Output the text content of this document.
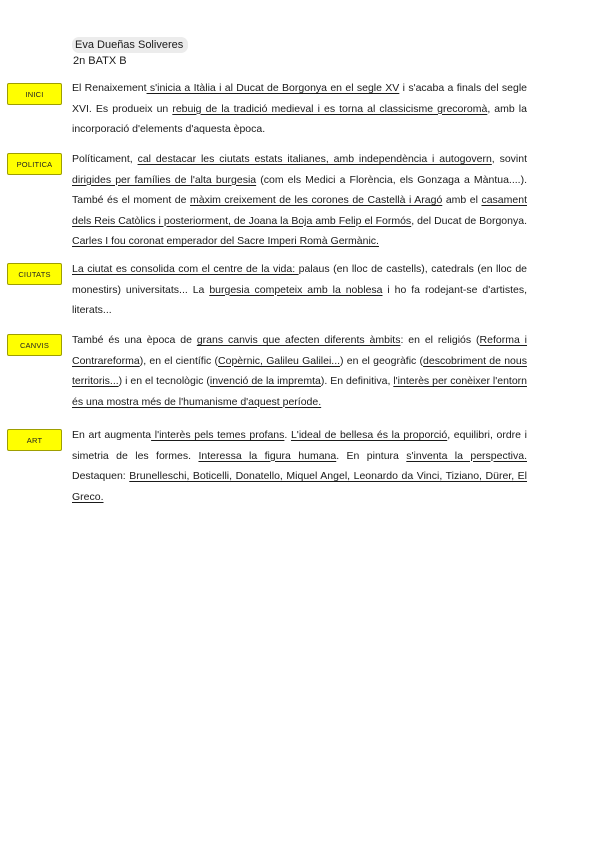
Eva Dueñas Soliveres
2n BATX B
INICI	El Renaixement s'inicia a Itàlia i al Ducat de Borgonya en el segle XV i s'acaba a finals del segle XVI. Es produeix un rebuig de la tradició medieval i es torna al classicisme grecoromà, amb la incorporació d'elements d'aquesta època.
POLITICA	Políticament, cal destacar les ciutats estats italianes, amb independència i autogovern, sovint dirigides per famílies de l'alta burgesia (com els Medici a Florència, els Gonzaga a Màntua....). També és el moment de màxim creixement de les corones de Castellà i Aragó amb el casament dels Reis Catòlics i posteriorment, de Joana la Boja amb Felip el Formós, del Ducat de Borgonya. Carles I fou coronat emperador del Sacre Imperi Romà Germànic.
CIUTATS	La ciutat es consolida com el centre de la vida: palaus (en lloc de castells), catedrals (en lloc de monestirs) universitats... La burgesia competeix amb la noblesa i ho fa rodejant-se d'artistes, literats...
CANVIS	També és una època de grans canvis que afecten diferents àmbits: en el religiós (Reforma i Contrareforma), en el científic (Copèrnic, Galileu Galilei...) en el geogràfic (descobriment de nous territoris...) i en el tecnològic (invenció de la impremta). En definitiva, l'interès per conèixer l'entorn és una mostra més de l'humanisme d'aquest període.
ART	En art augmenta l'interès pels temes profans. L'ideal de bellesa és la proporció, equilibri, ordre i simetria de les formes. Interessa la figura humana. En pintura s'inventa la perspectiva. Destaquen: Brunelleschi, Boticelli, Donatello, Miquel Angel, Leonardo da Vinci, Tiziano, Dürer, El Greco.
